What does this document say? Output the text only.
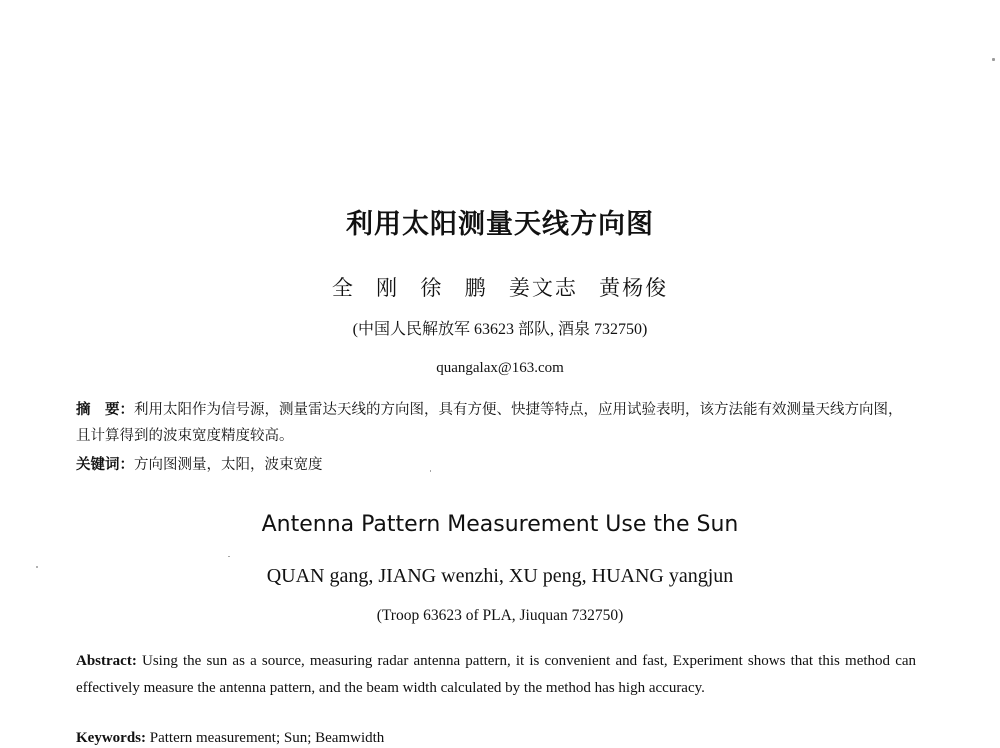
利用太阳测量天线方向图
全 刚 徐 鹏 姜文志 黄杨俊
(中国人民解放军 63623 部队, 酒泉 732750)
quangalax@163.com
摘　要：利用太阳作为信号源，测量雷达天线的方向图，具有方便、快捷等特点，应用试验表明，该方法能有效测量天线方向图，且计算得到的波束宽度精度较高。
关键词：方向图测量，太阳，波束宽度
Antenna Pattern Measurement Use the Sun
QUAN gang, JIANG wenzhi, XU peng, HUANG yangjun
(Troop 63623 of PLA, Jiuquan 732750)
Abstract: Using the sun as a source, measuring radar antenna pattern, it is convenient and fast, Experiment shows that this method can effectively measure the antenna pattern, and the beam width calculated by the method has high accuracy.
Keywords: Pattern measurement; Sun; Beamwidth
